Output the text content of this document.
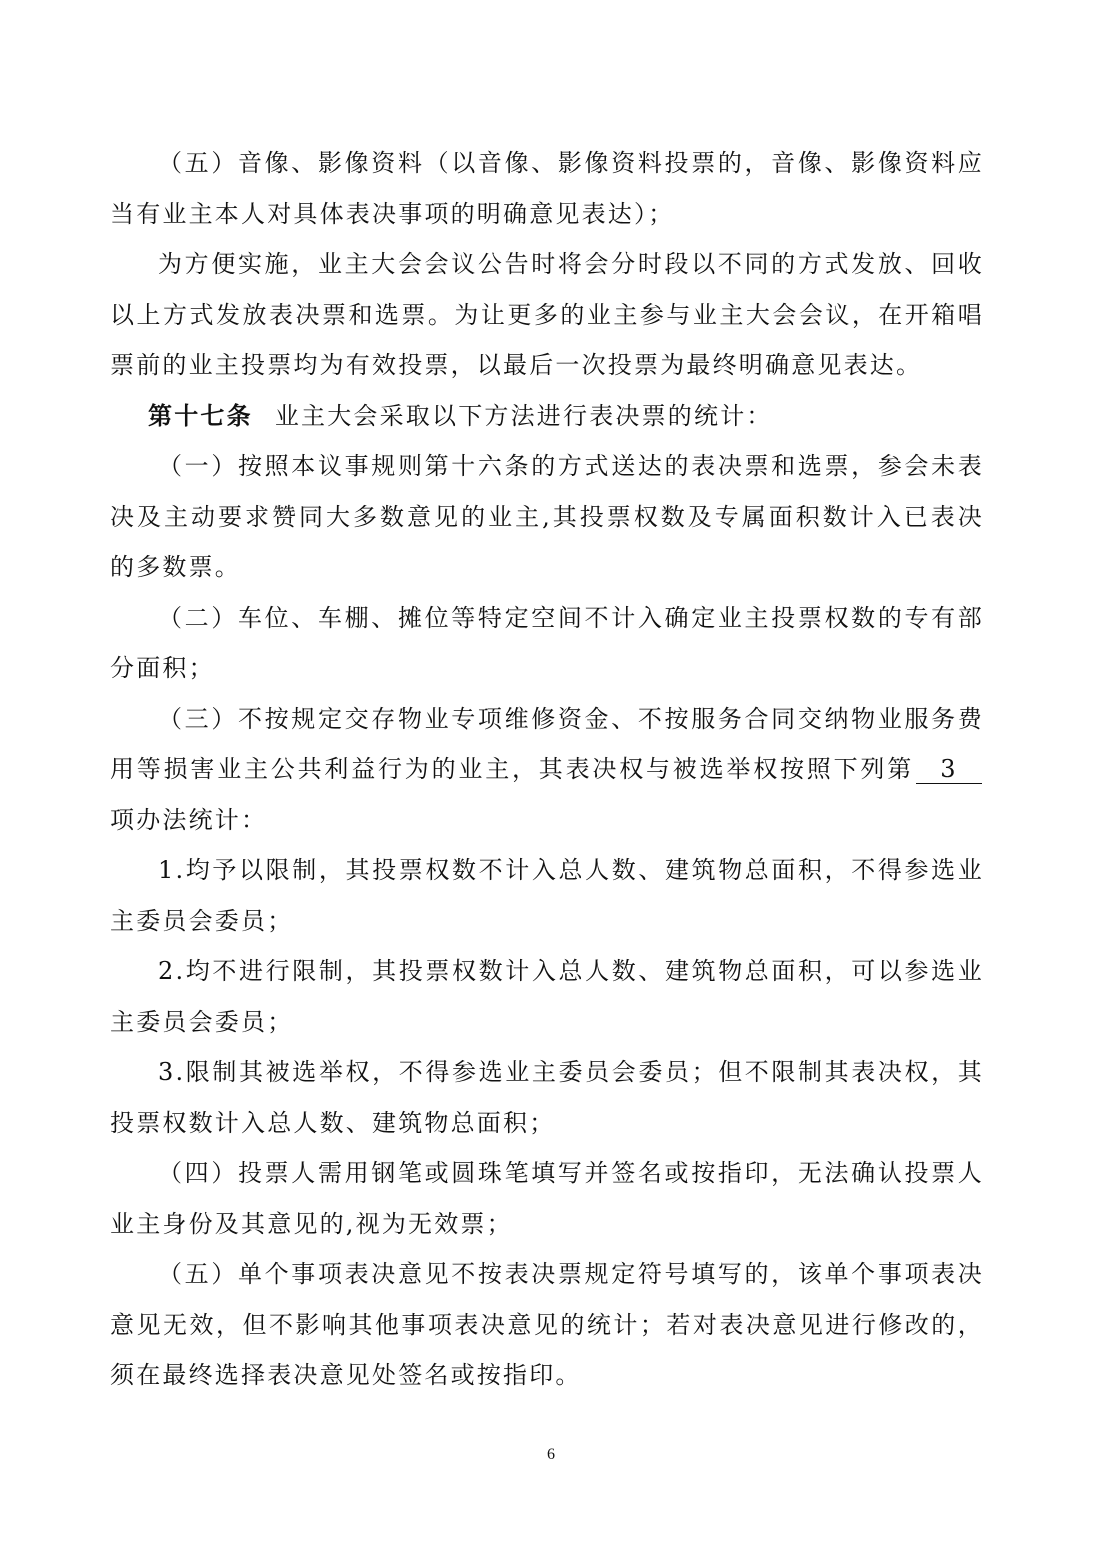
（五）音像、影像资料（以音像、影像资料投票的，音像、影像资料应当有业主本人对具体表决事项的明确意见表达）；

为方便实施，业主大会会议公告时将会分时段以不同的方式发放、回收以上方式发放表决票和选票。为让更多的业主参与业主大会会议，在开箱唱票前的业主投票均为有效投票，以最后一次投票为最终明确意见表达。

第十七条 业主大会采取以下方法进行表决票的统计：

（一）按照本议事规则第十六条的方式送达的表决票和选票，参会未表决及主动要求赞同大多数意见的业主,其投票权数及专属面积数计入已表决的多数票。

（二）车位、车棚、摊位等特定空间不计入确定业主投票权数的专有部分面积；

（三）不按规定交存物业专项维修资金、不按服务合同交纳物业服务费用等损害业主公共利益行为的业主，其表决权与被选举权按照下列第 3项办法统计：

1.均予以限制，其投票权数不计入总人数、建筑物总面积，不得参选业主委员会委员；

2.均不进行限制，其投票权数计入总人数、建筑物总面积，可以参选业主委员会委员；

3.限制其被选举权，不得参选业主委员会委员；但不限制其表决权，其投票权数计入总人数、建筑物总面积；

（四）投票人需用钢笔或圆珠笔填写并签名或按指印，无法确认投票人业主身份及其意见的,视为无效票；

（五）单个事项表决意见不按表决票规定符号填写的，该单个事项表决意见无效，但不影响其他事项表决意见的统计；若对表决意见进行修改的，须在最终选择表决意见处签名或按指印。

6
